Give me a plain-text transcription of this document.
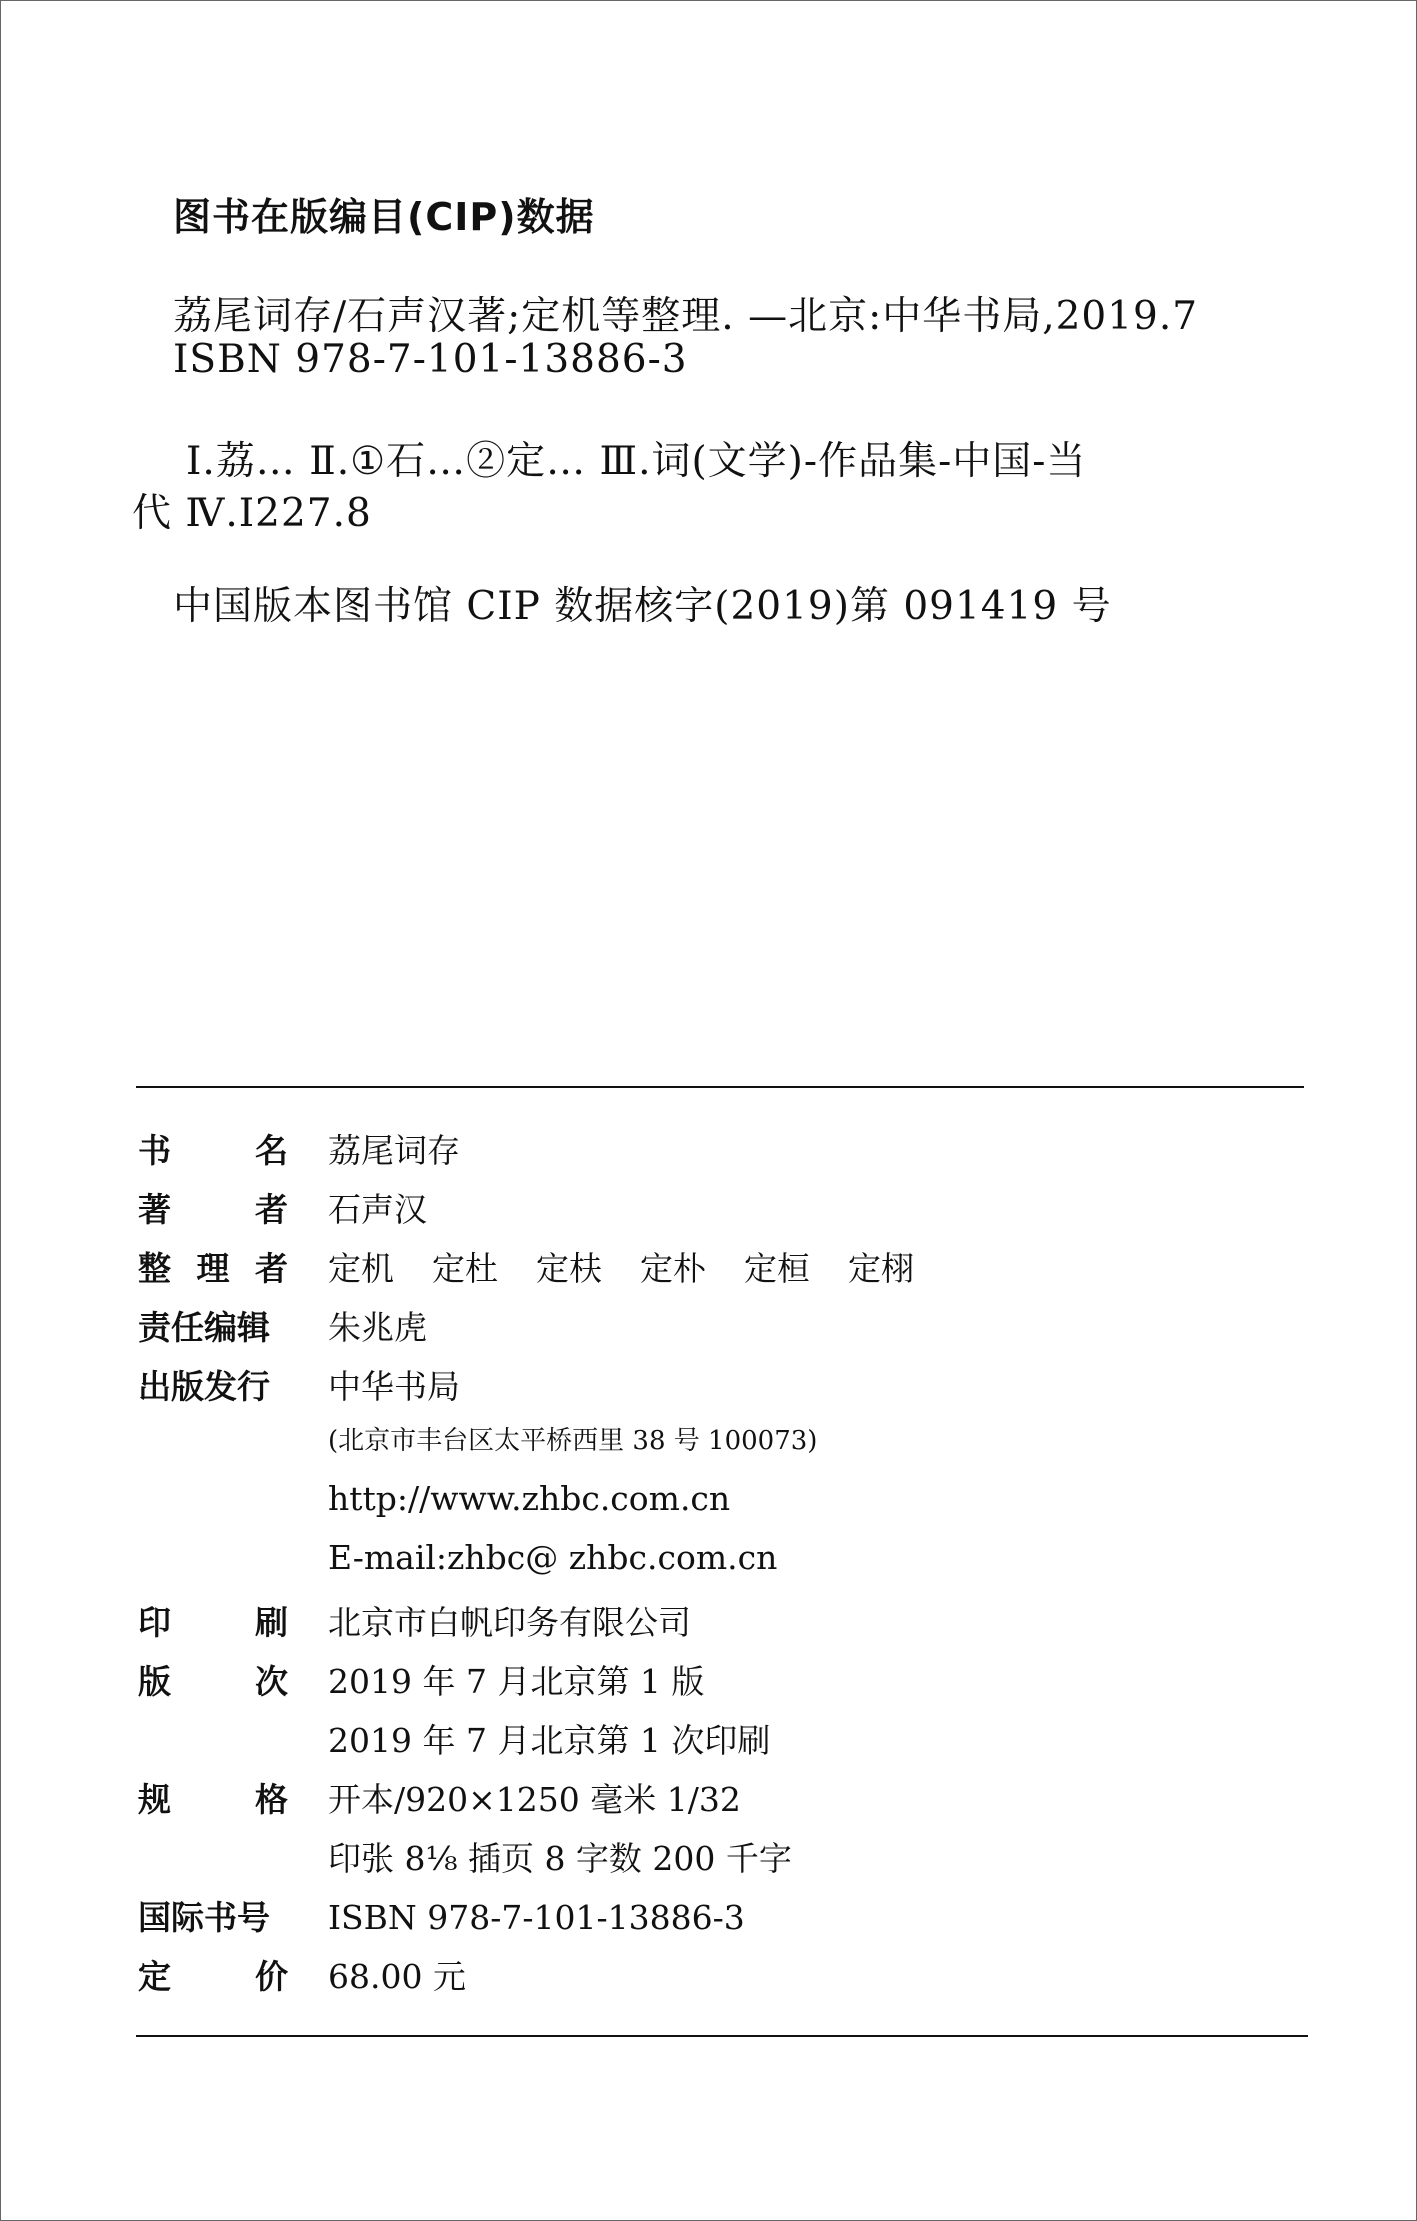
图书在版编目(CIP)数据
荔尾词存/石声汉著;定机等整理. —北京:中华书局,2019.7
ISBN 978-7-101-13886-3
Ⅰ.荔… Ⅱ.①石…②定… Ⅲ.词(文学)-作品集-中国-当
代 Ⅳ.I227.8
中国版本图书馆 CIP 数据核字(2019)第 091419 号
书	名 荔尾词存
著	者 石声汉
整 理 者 定机 定杜 定枎 定朴 定桓 定栩
责任编辑	朱兆虎
出版发行	中华书局
(北京市丰台区太平桥西里 38 号 100073)
http://www.zhbc.com.cn
E-mail:zhbc@ zhbc.com.cn
印	刷 北京市白帆印务有限公司
版	次 2019 年 7 月北京第 1 版
2019 年 7 月北京第 1 次印刷
规	格 开本/920×1250 毫米 1/32
印张 8⅛ 插页 8 字数 200 千字
国际书号	ISBN 978-7-101-13886-3
定	价 68.00 元
